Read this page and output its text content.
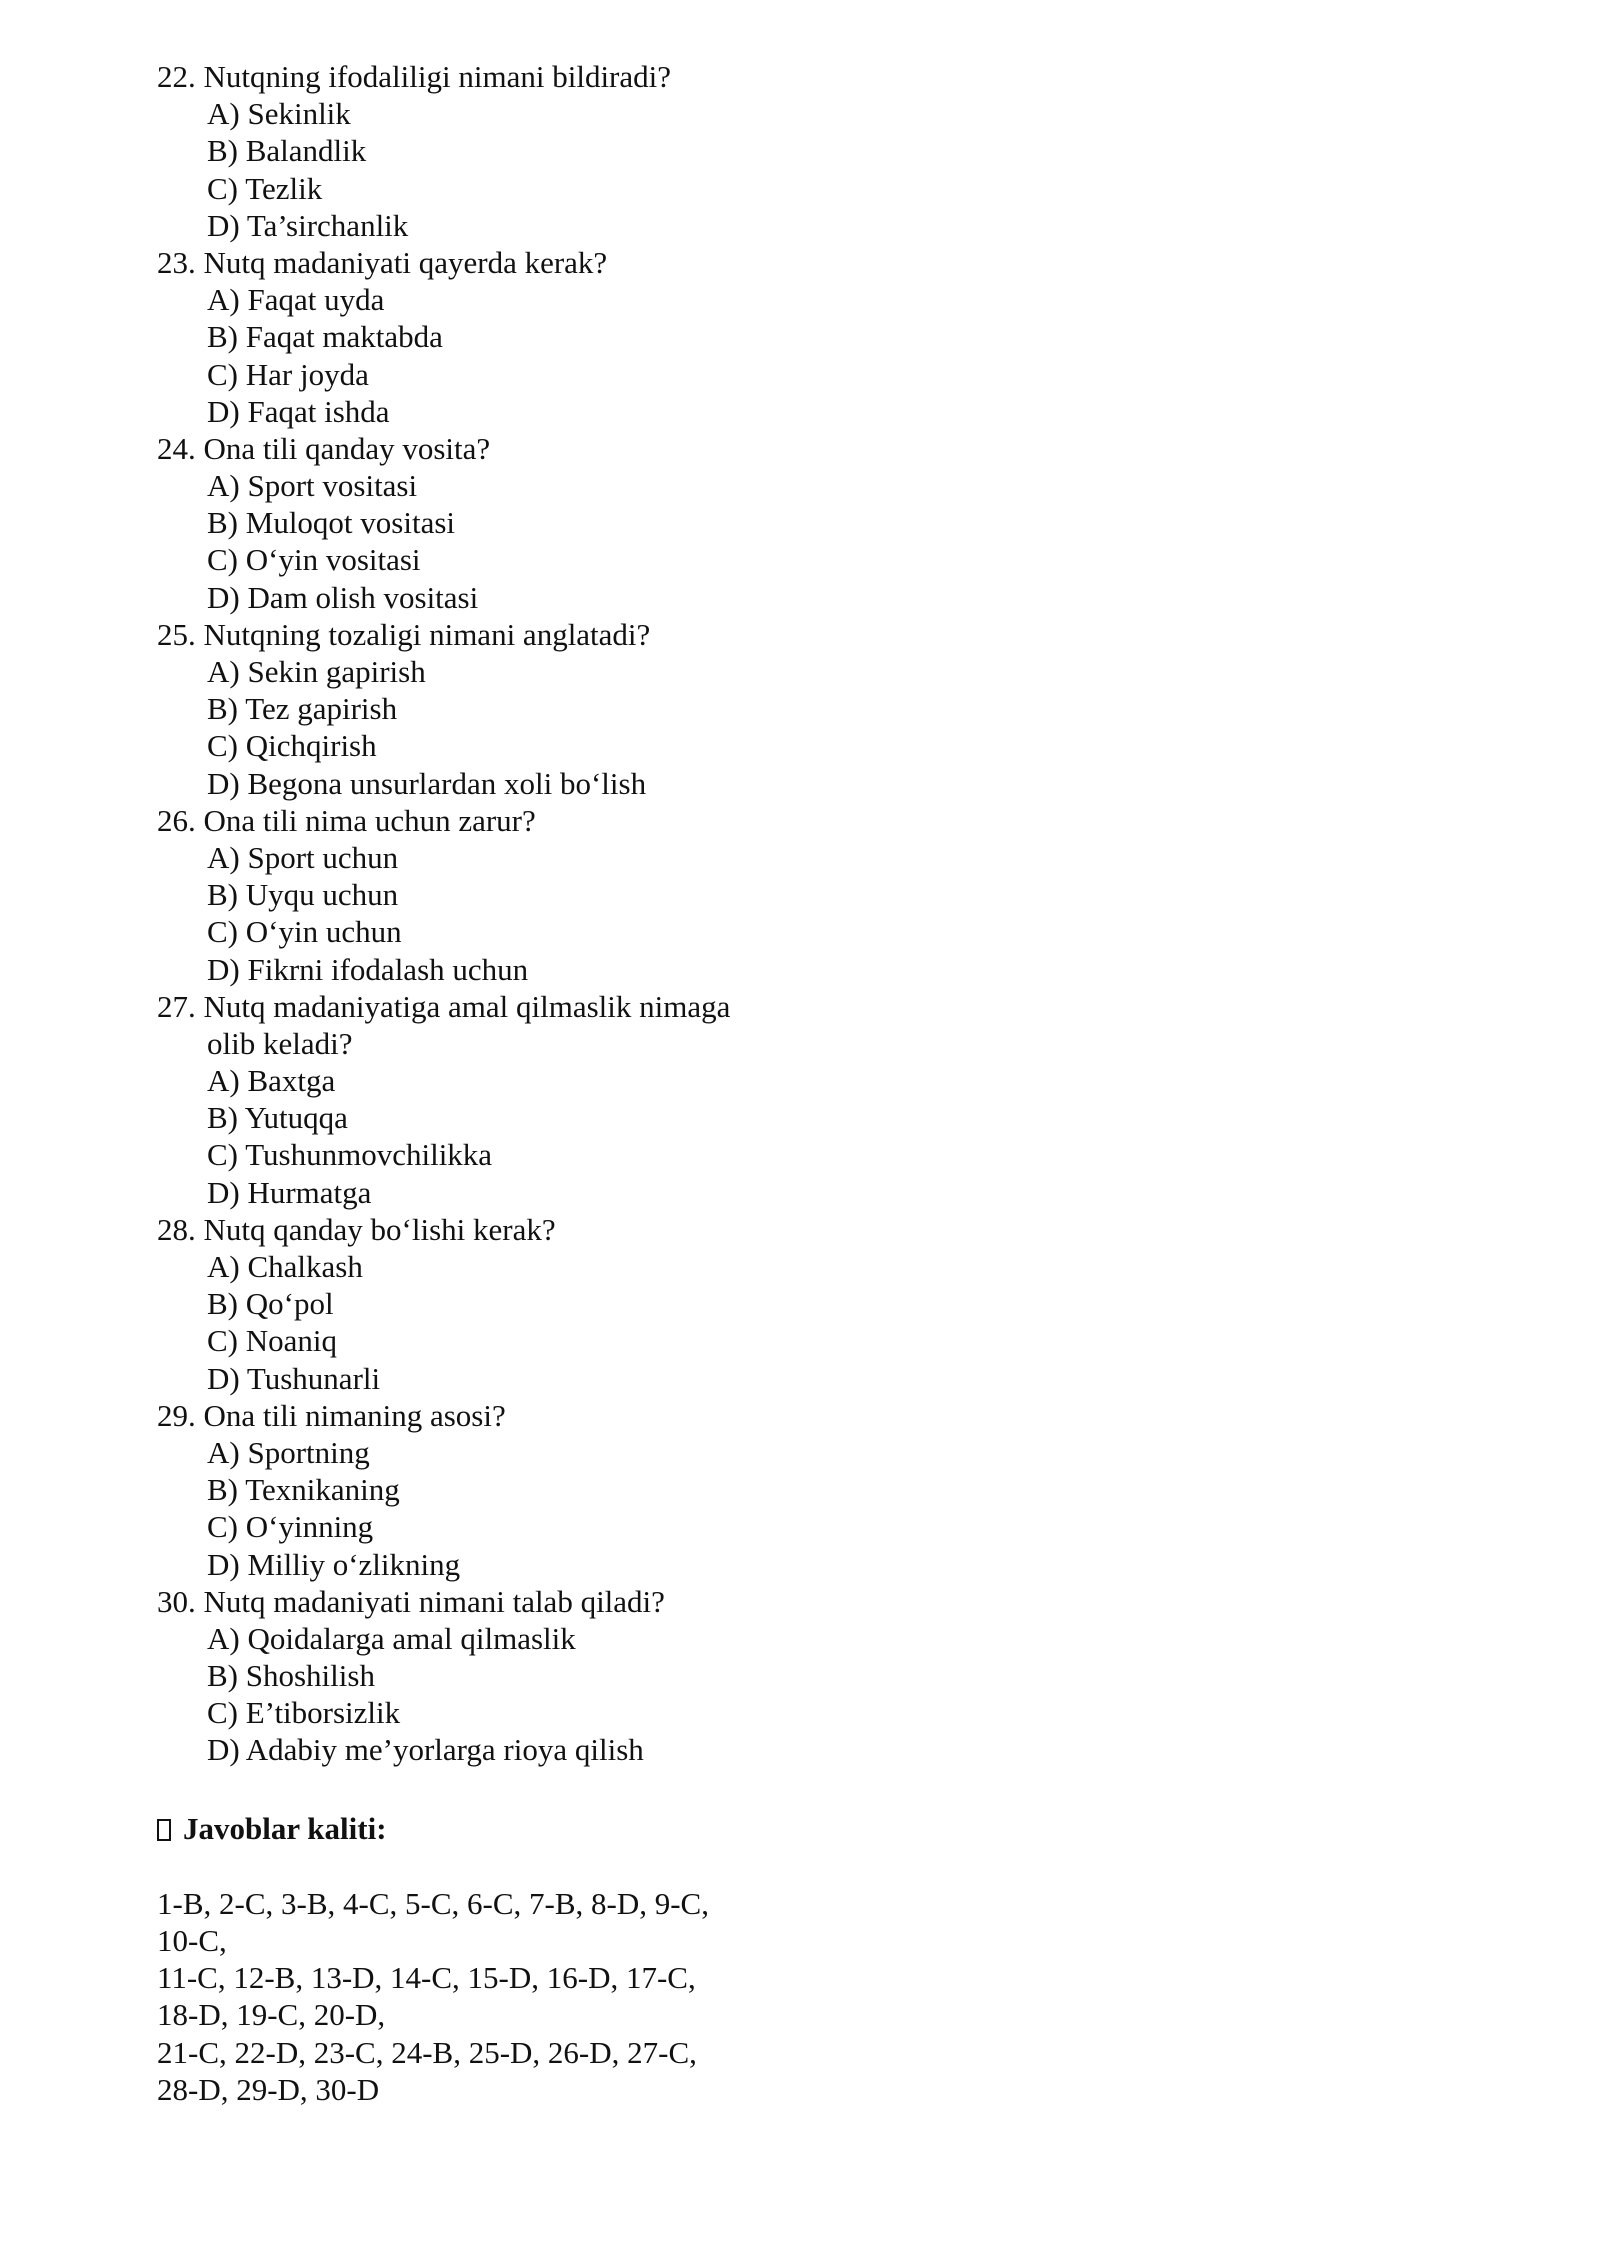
22. Nutqning ifodaliligi nimani bildiradi?
A) Sekinlik
B) Balandlik
C) Tezlik
D) Ta’sirchanlik
23. Nutq madaniyati qayerda kerak?
A) Faqat uyda
B) Faqat maktabda
C) Har joyda
D) Faqat ishda
24. Ona tili qanday vosita?
A) Sport vositasi
B) Muloqot vositasi
C) O‘yin vositasi
D) Dam olish vositasi
25. Nutqning tozaligi nimani anglatadi?
A) Sekin gapirish
B) Tez gapirish
C) Qichqirish
D) Begona unsurlardan xoli bo‘lish
26. Ona tili nima uchun zarur?
A) Sport uchun
B) Uyqu uchun
C) O‘yin uchun
D) Fikrni ifodalash uchun
27. Nutq madaniyatiga amal qilmaslik nimaga
olib keladi?
A) Baxtga
B) Yutuqqa
C) Tushunmovchilikka
D) Hurmatga
28. Nutq qanday bo‘lishi kerak?
A) Chalkash
B) Qo‘pol
C) Noaniq
D) Tushunarli
29. Ona tili nimaning asosi?
A) Sportning
B) Texnikaning
C) O‘yinning
D) Milliy o‘zlikning
30. Nutq madaniyati nimani talab qiladi?
A) Qoidalarga amal qilmaslik
B) Shoshilish
C) E’tiborsizlik
D) Adabiy me’yorlarga rioya qilish
Javoblar kaliti:
1-B, 2-C, 3-B, 4-C, 5-C, 6-C, 7-B, 8-D, 9-C,
10-C,
11-C, 12-B, 13-D, 14-C, 15-D, 16-D, 17-C,
18-D, 19-C, 20-D,
21-C, 22-D, 23-C, 24-B, 25-D, 26-D, 27-C,
28-D, 29-D, 30-D
